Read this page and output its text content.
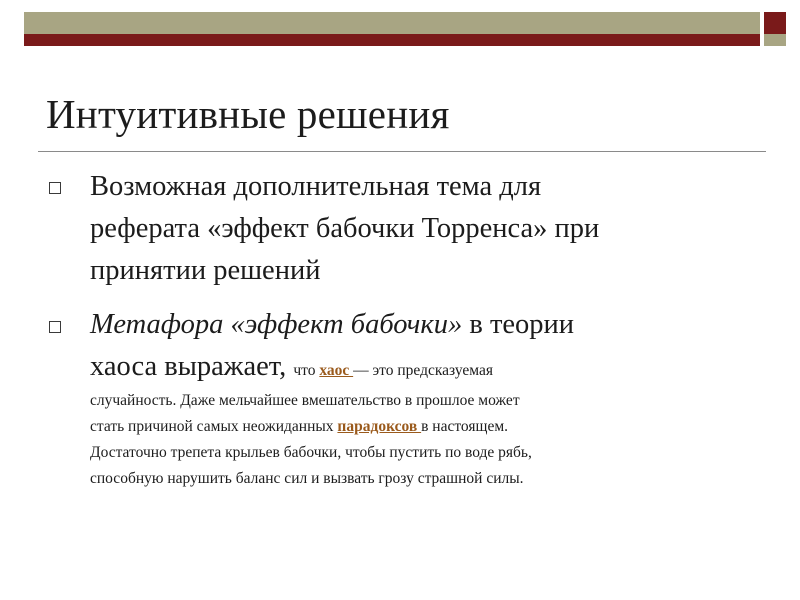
Интуитивные решения
Возможная дополнительная тема для
реферата «эффект бабочки Торренса» при
принятии решений
Метафора «эффект бабочки» в теории
хаоса выражает, что хаос — это предсказуемая
случайность. Даже мельчайшее вмешательство в прошлое может
стать причиной самых неожиданных парадоксов в настоящем.
Достаточно трепета крыльев бабочки, чтобы пустить по воде рябь,
способную нарушить баланс сил и вызвать грозу страшной силы.
